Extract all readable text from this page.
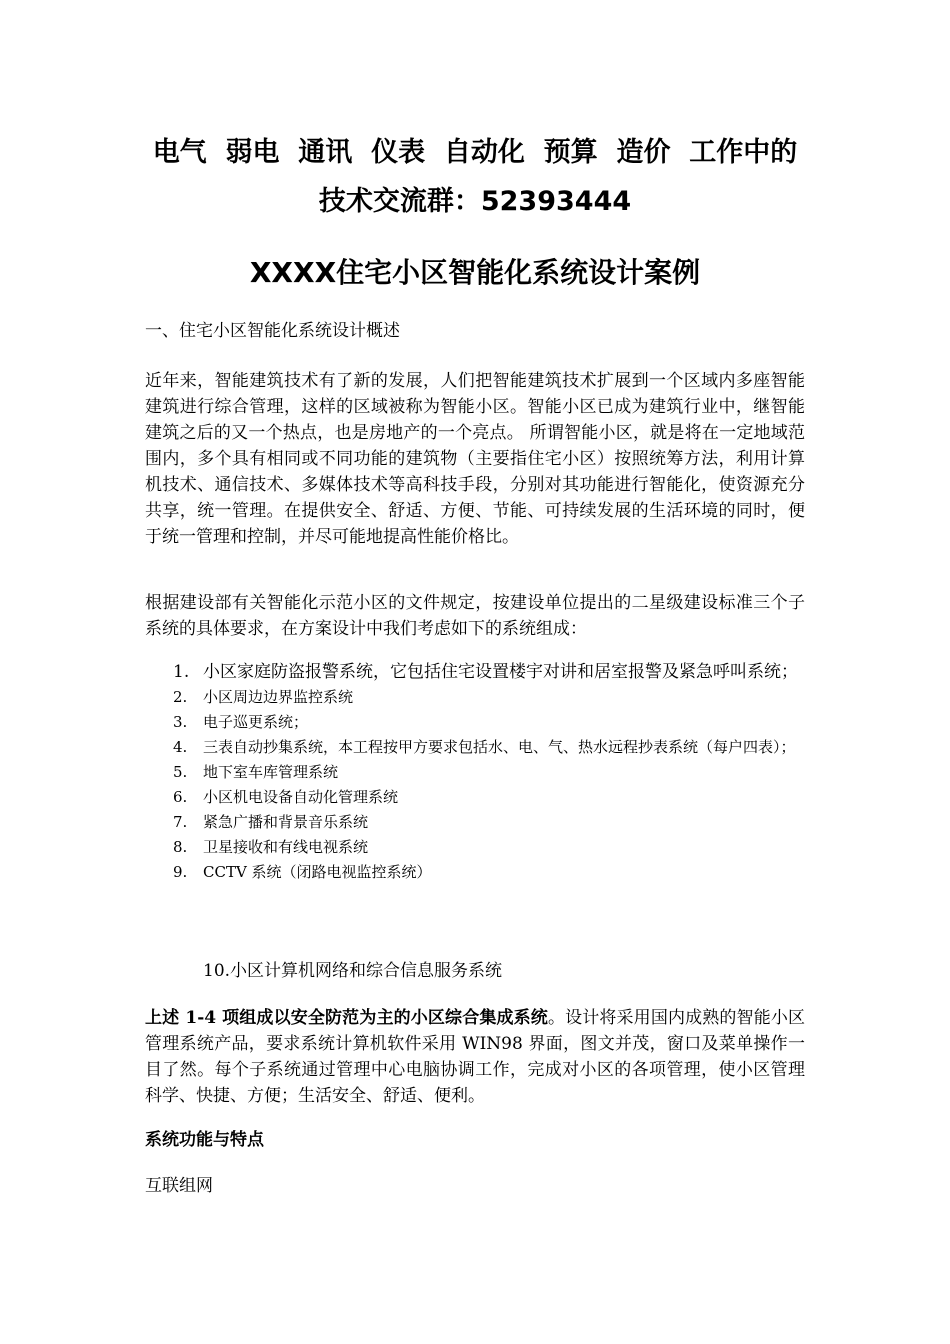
电气  弱电  通讯  仪表  自动化  预算  造价  工作中的
技术交流群：52393444
XXXX住宅小区智能化系统设计案例
一、住宅小区智能化系统设计概述
近年来，智能建筑技术有了新的发展，人们把智能建筑技术扩展到一个区域内多座智能建筑进行综合管理，这样的区域被称为智能小区。智能小区已成为建筑行业中，继智能建筑之后的又一个热点，也是房地产的一个亮点。 所谓智能小区，就是将在一定地域范围内，多个具有相同或不同功能的建筑物（主要指住宅小区）按照统筹方法，利用计算机技术、通信技术、多媒体技术等高科技手段，分别对其功能进行智能化，使资源充分共享，统一管理。在提供安全、舒适、方便、节能、可持续发展的生活环境的同时，便于统一管理和控制，并尽可能地提高性能价格比。
根据建设部有关智能化示范小区的文件规定，按建设单位提出的二星级建设标准三个子系统的具体要求，在方案设计中我们考虑如下的系统组成：
1. 小区家庭防盗报警系统，它包括住宅设置楼宇对讲和居室报警及紧急呼叫系统；
2. 小区周边边界监控系统
3. 电子巡更系统；
4. 三表自动抄集系统，本工程按甲方要求包括水、电、气、热水远程抄表系统（每户四表）；
5. 地下室车库管理系统
6. 小区机电设备自动化管理系统
7. 紧急广播和背景音乐系统
8. 卫星接收和有线电视系统
9. CCTV 系统（闭路电视监控系统）
10.小区计算机网络和综合信息服务系统
上述 1-4 项组成以安全防范为主的小区综合集成系统。设计将采用国内成熟的智能小区管理系统产品，要求系统计算机软件采用 WIN98 界面，图文并茂，窗口及菜单操作一目了然。每个子系统通过管理中心电脑协调工作，完成对小区的各项管理，使小区管理科学、快捷、方便；生活安全、舒适、便利。
系统功能与特点
互联组网
